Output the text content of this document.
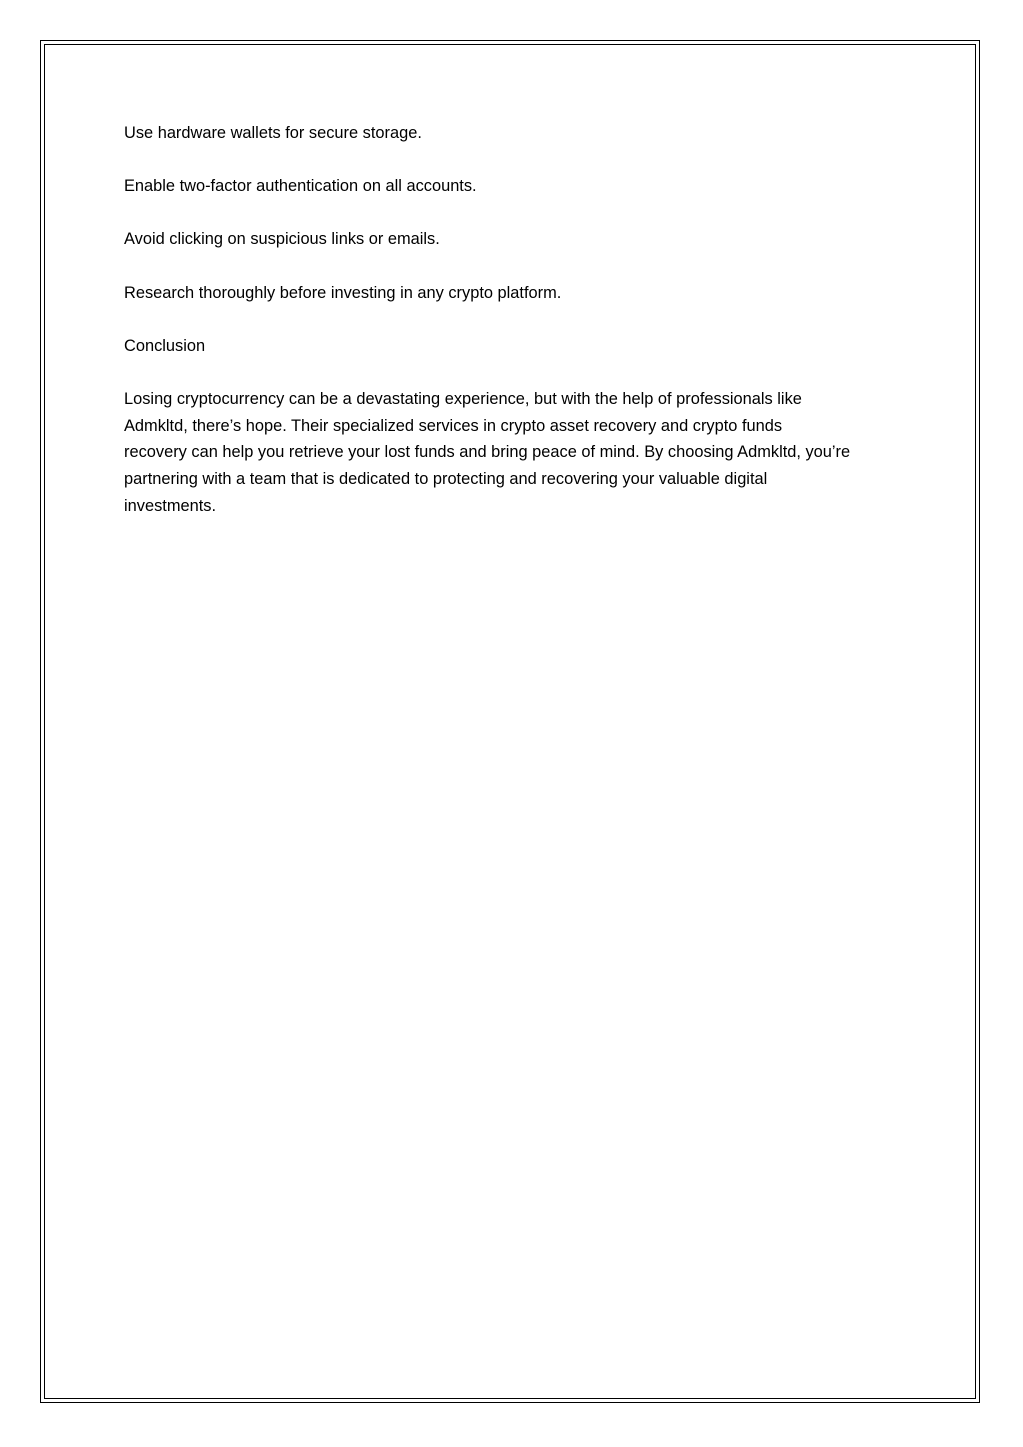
Use hardware wallets for secure storage.

Enable two-factor authentication on all accounts.

Avoid clicking on suspicious links or emails.

Research thoroughly before investing in any crypto platform.

Conclusion

Losing cryptocurrency can be a devastating experience, but with the help of professionals like
Admkltd, there’s hope. Their specialized services in crypto asset recovery and crypto funds
recovery can help you retrieve your lost funds and bring peace of mind. By choosing Admkltd, you’re
partnering with a team that is dedicated to protecting and recovering your valuable digital
investments.
